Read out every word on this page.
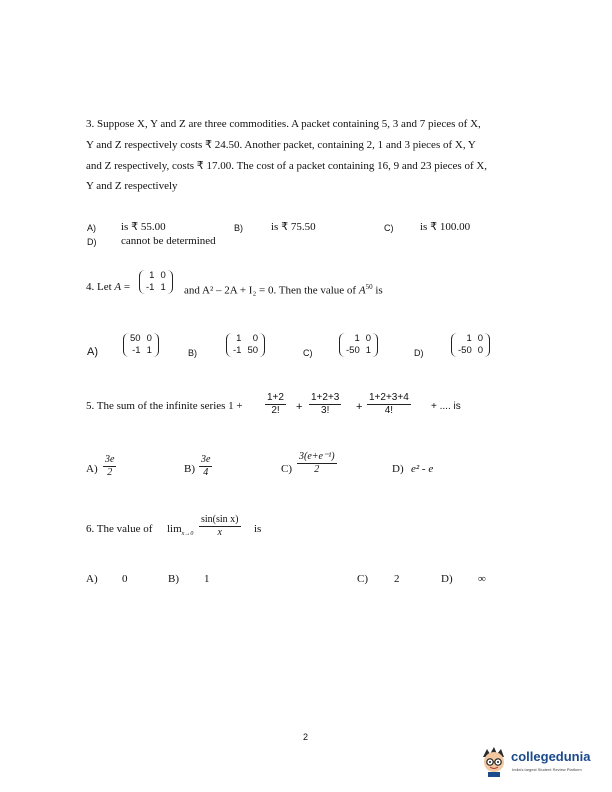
3. Suppose X, Y and Z are three commodities. A packet containing 5, 3 and 7 pieces of X,
Y and Z respectively costs ₹ 24.50. Another packet, containing 2, 1 and 3 pieces of X, Y
and Z respectively, costs ₹ 17.00. The cost of a packet containing 16, 9 and 23 pieces of X,
Y and Z respectively
A) is ₹ 55.00	B)	is ₹ 75.50	C) is ₹ 100.00
D) cannot be determined
4. Let A =
1	0
-1	1 and A² – 2A + I₂ = 0. Then the value of $A^{50}$ is
A)
50	0
-1	1	B)
1	0
-1	50	C)
1	0
-50	1	D)
1	0
-50	0
5. The sum of the infinite series $1 + \frac{1+2}{2!} + \frac{1+2+3}{3!} + \frac{1+2+3+4}{4!}$ + .... is
$A) \frac{3e}{2}$	$B) \frac{3e}{4}$	$C) \frac{\text{3(e+e⁻¹)}}{2}$	D) e² - e
6. The value of $\lim_{x\to 0} \frac{\text{sin(sin x)}}{x}$ is
A) 0	B) 1	C) 2	D) ∞
2
collegedunia
India's largest Student Review Platform
